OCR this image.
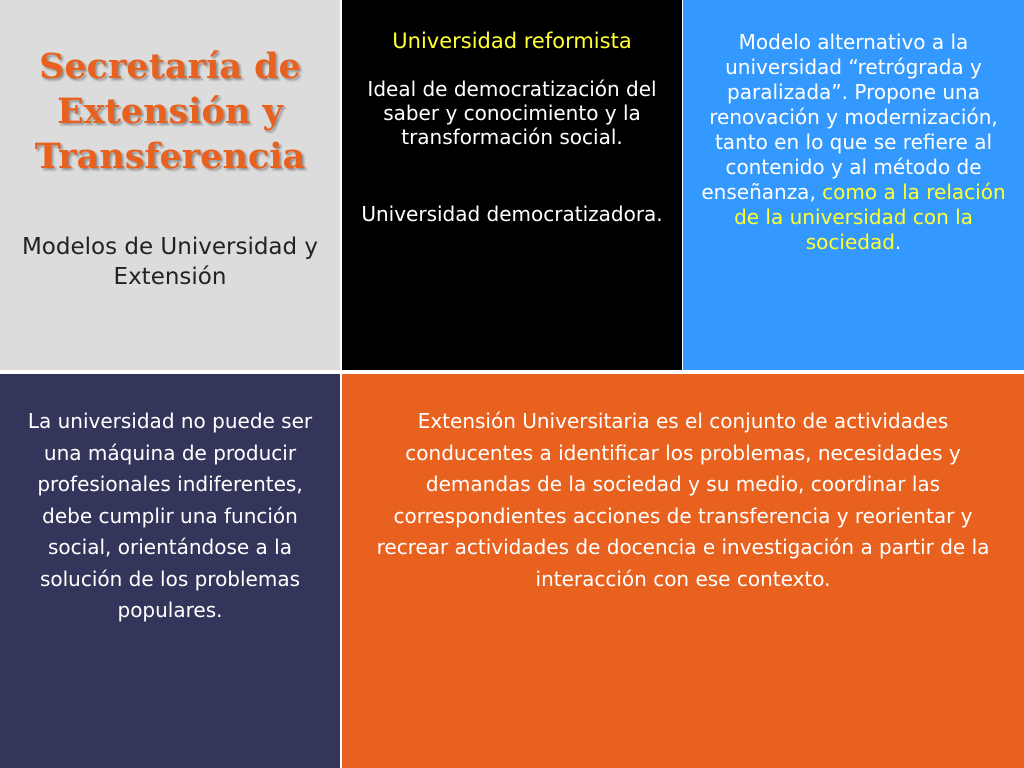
Secretaría de Extensión y Transferencia
Modelos de Universidad y Extensión
Universidad reformista
Ideal de democratización del saber y conocimiento y la transformación social.
Universidad democratizadora.
Modelo alternativo a la universidad “retrógrada y paralizada”. Propone una renovación y modernización, tanto en lo que se refiere al contenido y al método de enseñanza, como a la relación de la universidad con la sociedad.
La universidad no puede ser una máquina de producir profesionales indiferentes, debe cumplir una función social, orientándose a la solución de los problemas populares.
Extensión Universitaria es el conjunto de actividades conducentes a identificar los problemas, necesidades y demandas de la sociedad y su medio, coordinar las correspondientes acciones de transferencia y reorientar y recrear actividades de docencia e investigación a partir de la interacción con ese contexto.
